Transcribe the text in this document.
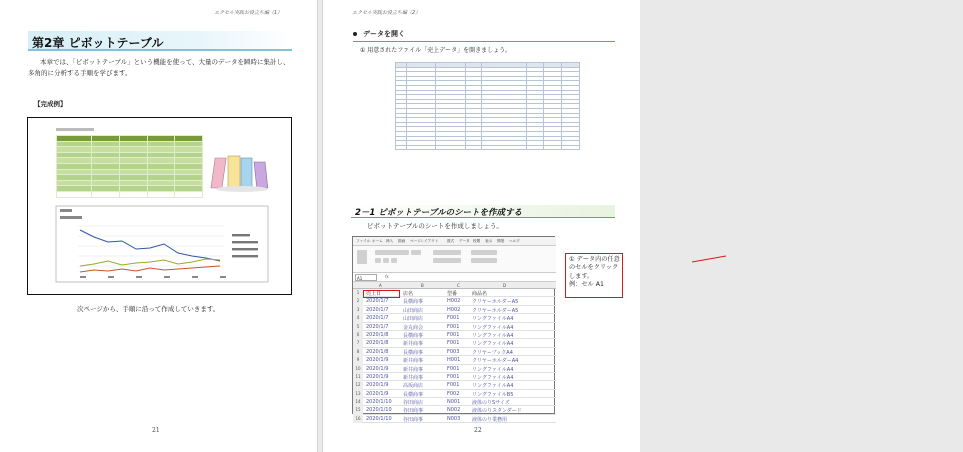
エクセル実践お役立ち編（1）
第2章 ピボットテーブル
本章では、「ピボットテーブル」という機能を使って、大量のデータを瞬時に集計し、多角的に分析する手順を学びます。
【完成例】

次ページから、手順に沿って作成していきます。
21
エクセル実践お役立ち編（2）
データを開く
① 用意されたファイル「売上データ」を開きましょう。

2－1 ピボットテーブルのシートを作成する
ピボットテーブルのシートを作成しましょう。
ファイル ホーム 挿入 描画 ページレイアウト 数式 データ 校閲 表示 開発 ヘルプ
A1	fx
A	B	C	D
1	売上日	店名	型番	商品名
2	2020/1/7	長横商事	H002 クリヤーホルダーA5
3	2020/1/7	山田商店	H002 クリヤーホルダーA5
4	2020/1/7	山田商店	F001	リングファイルA4
5	2020/1/7	金丸商会	F001	リングファイルA4
6	2020/1/8	長横商事	F001	リングファイルA4
7	2020/1/8	新井商事	F001	リングファイルA4
8	2020/1/8	長横商事	F003	クリヤーブックA4
9	2020/1/9	新井商事	H001 クリヤーホルダーA4
10	2020/1/9	新井商事	F001	リングファイルA4
11	2020/1/9	新井商事	F001	リングファイルA4
12	2020/1/9	高坂商店	F001	リングファイルA4
13	2020/1/9	長横商事	F002	リングファイルB5
14	2020/1/10 谷田商店	N001 液体のりSサイズ
15	2020/1/10 谷田商事	N002 液体のりスタンダード
16	2020/1/10 谷田商事	N003 液体のり業務用
① データ内の任意のセルをクリックします。
例：セル A1
22
